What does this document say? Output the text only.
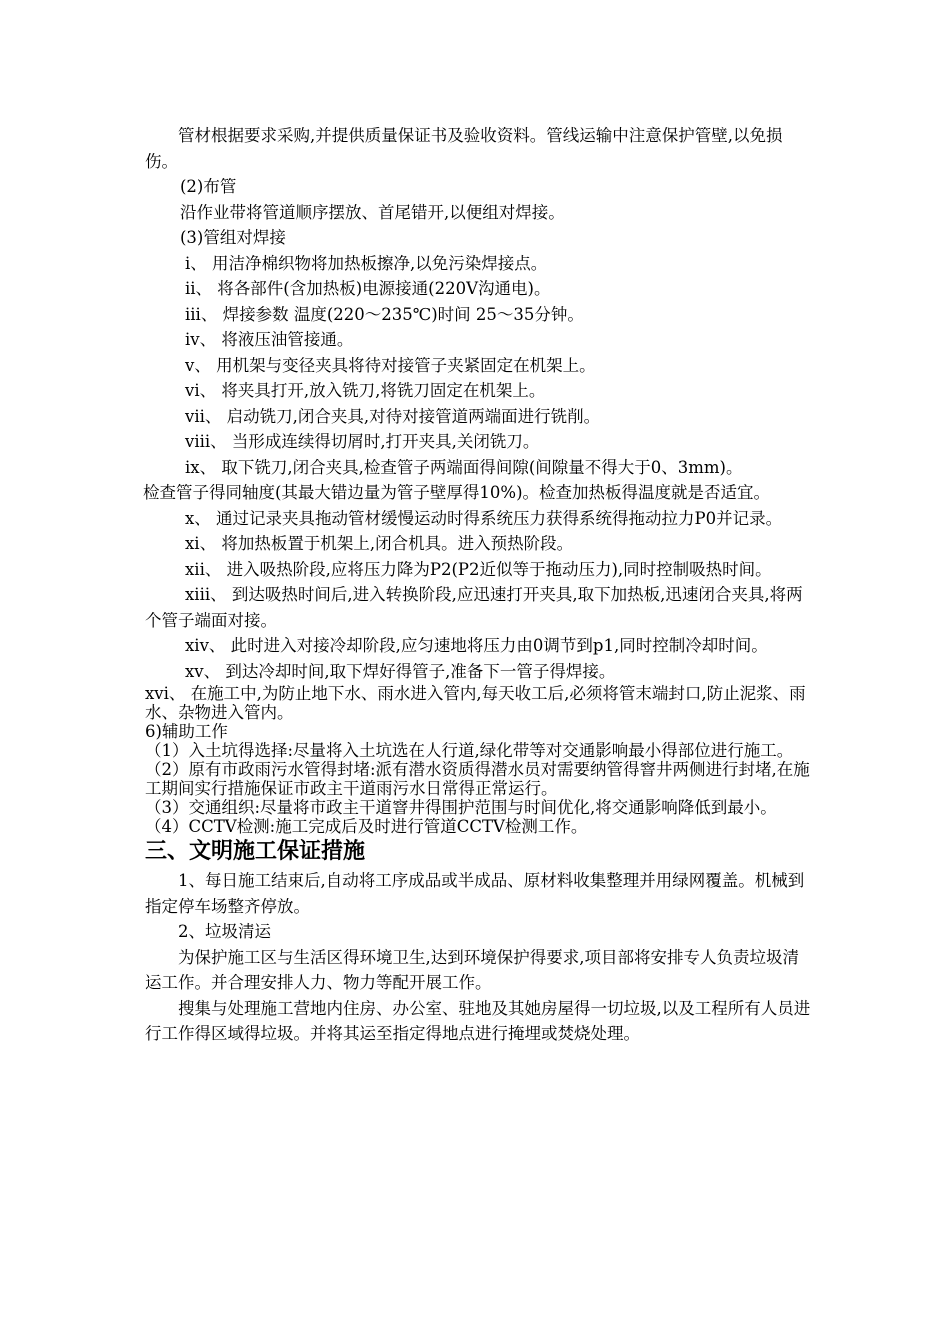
管材根据要求采购,并提供质量保证书及验收资料。管线运输中注意保护管壁,以免损伤。

(2)布管

沿作业带将管道顺序摆放、首尾错开,以便组对焊接。

(3)管组对焊接

i、 用洁净棉织物将加热板擦净,以免污染焊接点。

ii、 将各部件(含加热板)电源接通(220V沟通电)。

iii、 焊接参数 温度(220～235℃)时间 25～35分钟。

iv、 将液压油管接通。

v、 用机架与变径夹具将待对接管子夹紧固定在机架上。

vi、 将夹具打开,放入铣刀,将铣刀固定在机架上。

vii、 启动铣刀,闭合夹具,对待对接管道两端面进行铣削。

viii、 当形成连续得切屑时,打开夹具,关闭铣刀。

ix、 取下铣刀,闭合夹具,检查管子两端面得间隙(间隙量不得大于0、3mm)。

检查管子得同轴度(其最大错边量为管子壁厚得10%)。检查加热板得温度就是否适宜。

x、 通过记录夹具拖动管材缓慢运动时得系统压力获得系统得拖动拉力P0并记录。

xi、 将加热板置于机架上,闭合机具。进入预热阶段。

xii、 进入吸热阶段,应将压力降为P2(P2近似等于拖动压力),同时控制吸热时间。

xiii、 到达吸热时间后,进入转换阶段,应迅速打开夹具,取下加热板,迅速闭合夹具,将两个管子端面对接。

xiv、 此时进入对接冷却阶段,应匀速地将压力由0调节到p1,同时控制冷却时间。

xv、 到达冷却时间,取下焊好得管子,准备下一管子得焊接。

xvi、 在施工中,为防止地下水、雨水进入管内,每天收工后,必须将管末端封口,防止泥浆、雨水、杂物进入管内。

6)辅助工作

（1）入土坑得选择:尽量将入土坑选在人行道,绿化带等对交通影响最小得部位进行施工。

（2）原有市政雨污水管得封堵:派有潜水资质得潜水员对需要纳管得窨井两侧进行封堵,在施工期间实行措施保证市政主干道雨污水日常得正常运行。

（3）交通组织:尽量将市政主干道窨井得围护范围与时间优化,将交通影响降低到最小。

（4）CCTV检测:施工完成后及时进行管道CCTV检测工作。

三、文明施工保证措施

1、每日施工结束后,自动将工序成品或半成品、原材料收集整理并用绿网覆盖。机械到指定停车场整齐停放。

2、垃圾清运

为保护施工区与生活区得环境卫生,达到环境保护得要求,项目部将安排专人负责垃圾清运工作。并合理安排人力、物力等配开展工作。

搜集与处理施工营地内住房、办公室、驻地及其她房屋得一切垃圾,以及工程所有人员进行工作得区域得垃圾。并将其运至指定得地点进行掩埋或焚烧处理。
